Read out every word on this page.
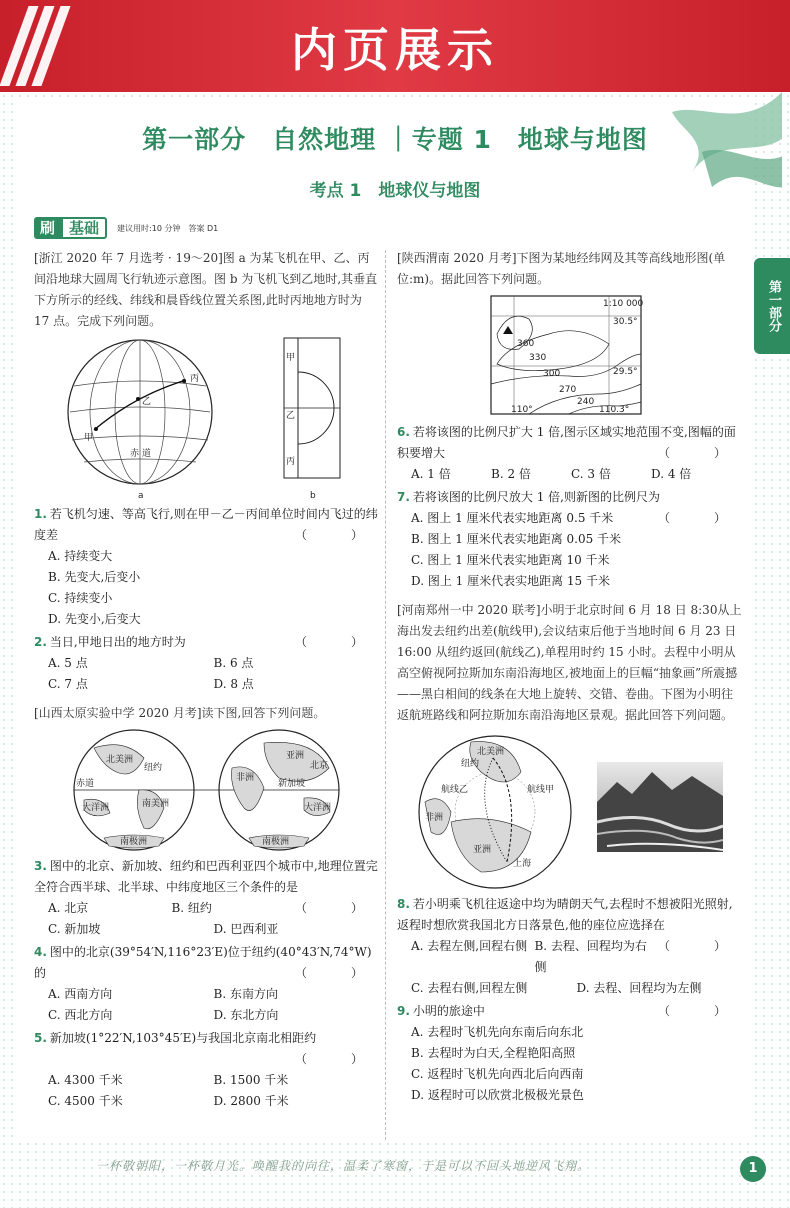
内页展示
第一部分　自然地理 ｜专题 1　地球与地图
考点 1　地球仪与地图
刷 基础	建议用时:10 分钟　答案 D1
第一部分

[浙江 2020 年 7 月选考 · 19～20]图 a 为某飞机在甲、乙、丙间沿地球大圆周飞行轨迹示意图。图 b 为飞机飞到乙地时,其垂直下方所示的经线、纬线和晨昏线位置关系图,此时丙地地方时为 17 点。完成下列问题。

丙
乙
甲
赤 道
a
甲
乙
丙
b

1. 若飞机匀速、等高飞行,则在甲－乙－丙间单位时间内飞过的纬度差	（　）

A. 持续变大

B. 先变大,后变小

C. 持续变小

D. 先变小,后变大

2. 当日,甲地日出的地方时为	（　）

A. 5 点	B. 6 点
C. 7 点	D. 8 点

[山西太原实验中学 2020 月考]读下图,回答下列问题。

北美洲
纽约
南美洲
大洋洲
南极洲
非洲
亚洲
北京
新加坡
大洋洲
南极洲
赤道

3. 图中的北京、新加坡、纽约和巴西利亚四个城市中,地理位置完全符合西半球、北半球、中纬度地区三个条件的是
（　）

A. 北京	B. 纽约
C. 新加坡	D. 巴西利亚

4. 图中的北京(39°54′N,116°23′E)位于纽约(40°43′N,74°W)的	（　）

A. 西南方向	B. 东南方向
C. 西北方向	D. 东北方向

5. 新加坡(1°22′N,103°45′E)与我国北京南北相距约

（　）

A. 4300 千米	B. 1500 千米
C. 4500 千米	D. 2800 千米

[陕西渭南 2020 月考]下图为某地经纬网及其等高线地形图(单位:m)。据此回答下列问题。

1:10 000
30.5°
29.5°
110°	110.3°
360
330
300
270
240

6. 若将该图的比例尺扩大 1 倍,图示区域实地范围不变,图幅的面积要增大	（　）

A. 1 倍	B. 2 倍	C. 3 倍	D. 4 倍

7. 若将该图的比例尺放大 1 倍,则新图的比例尺为
（　）

A. 图上 1 厘米代表实地距离 0.5 千米

B. 图上 1 厘米代表实地距离 0.05 千米

C. 图上 1 厘米代表实地距离 10 千米

D. 图上 1 厘米代表实地距离 15 千米

[河南郑州一中 2020 联考]小明于北京时间 6 月 18 日 8:30从上海出发去纽约出差(航线甲),会议结束后他于当地时间 6 月 23 日 16:00 从纽约返回(航线乙),单程用时约 15 小时。去程中小明从高空俯视阿拉斯加东南沿海地区,被地面上的巨幅“抽象画”所震撼——黑白相间的线条在大地上旋转、交错、卷曲。下图为小明往返航班路线和阿拉斯加东南沿海地区景观。据此回答下列问题。

北美洲
纽约
航线甲
非洲
亚洲
上海
航线乙

8. 若小明乘飞机往返途中均为晴朗天气,去程时不想被阳光照射,返程时想欣赏我国北方日落景色,他的座位应选择在
（　）

A. 去程左侧,回程右侧 B. 去程、回程均为右侧
C. 去程右侧,回程左侧	D. 去程、回程均为左侧

9. 小明的旅途中	（　）

A. 去程时飞机先向东南后向东北

B. 去程时为白天,全程艳阳高照

C. 返程时飞机先向西北后向西南

D. 返程时可以欣赏北极极光景色

一杯敬朝阳，一杯敬月光。唤醒我的向往，温柔了寒窗，于是可以不回头地逆风飞翔。	1
